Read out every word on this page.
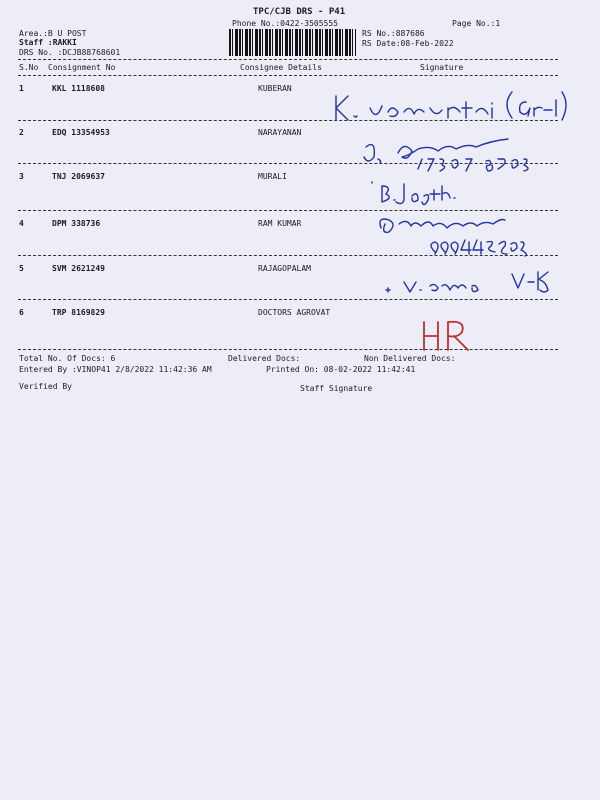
TPC/CJB DRS - P41
Phone No.:0422-3505555	Page No.:1
Area.:B U POST
Staff :RAKKI
DRS No. :DCJB88768601
RS No.:887686
RS Date:08-Feb-2022
S.No Consignment No	Consignee Details	Signature
1	KKL 1118608	KUBERAN
2	EDQ 13354953	NARAYANAN
3	TNJ 2069637	MURALI
4	DPM 338736	RAM KUMAR
5	SVM 2621249	RAJAGOPALAM
6	TRP 8169829	DOCTORS AGROVAT
Total No. Of Docs: 6	Delivered Docs:	Non Delivered Docs:
Entered By :VINOP41 2/8/2022 11:42:36 AM	Printed On: 08-02-2022 11:42:41
Verified By	Staff Signature
